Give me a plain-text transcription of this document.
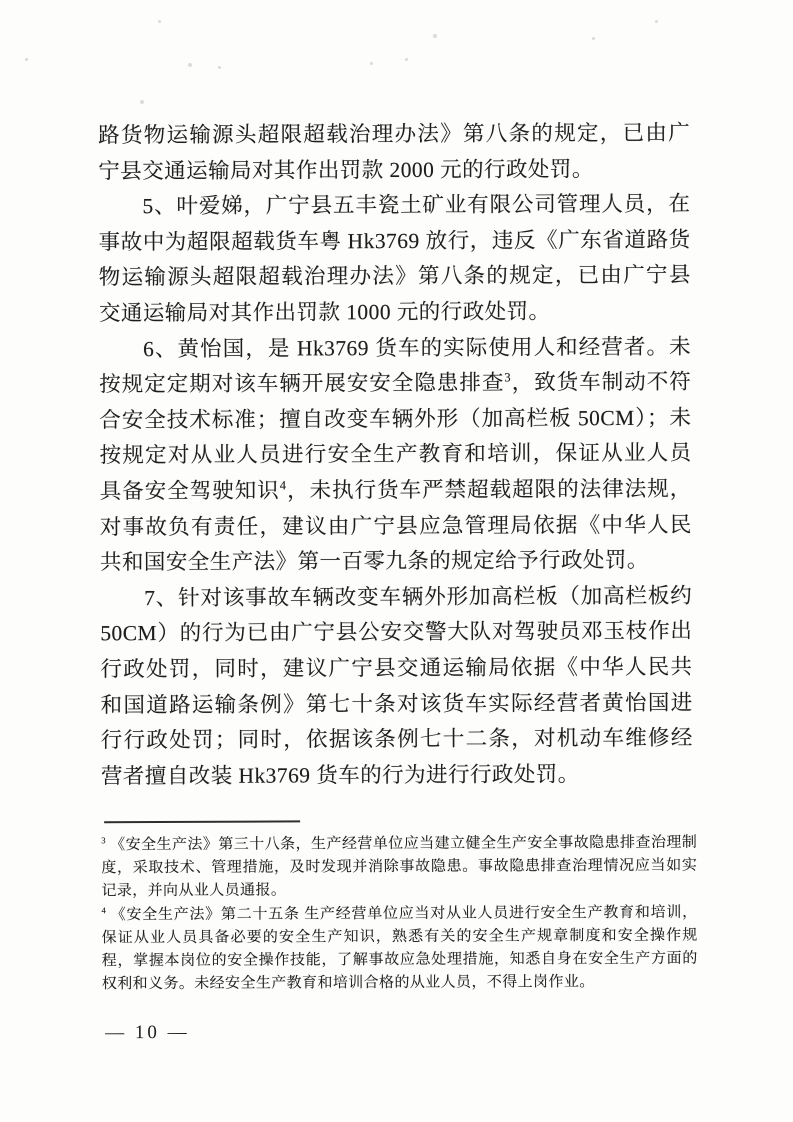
路货物运输源头超限超载治理办法》第八条的规定，已由广宁县交通运输局对其作出罚款 2000 元的行政处罚。

5、叶爱娣，广宁县五丰瓷土矿业有限公司管理人员，在事故中为超限超载货车粤 Hk3769 放行，违反《广东省道路货物运输源头超限超载治理办法》第八条的规定，已由广宁县交通运输局对其作出罚款 1000 元的行政处罚。

6、黄怡国，是 Hk3769 货车的实际使用人和经营者。未按规定定期对该车辆开展安安全隐患排查$^3$，致货车制动不符合安全技术标准；擅自改变车辆外形（加高栏板 50CM）；未按规定对从业人员进行安全生产教育和培训，保证从业人员具备安全驾驶知识$^4$，未执行货车严禁超载超限的法律法规，对事故负有责任，建议由广宁县应急管理局依据《中华人民共和国安全生产法》第一百零九条的规定给予行政处罚。

7、针对该事故车辆改变车辆外形加高栏板（加高栏板约50CM）的行为已由广宁县公安交警大队对驾驶员邓玉枝作出行政处罚，同时，建议广宁县交通运输局依据《中华人民共和国道路运输条例》第七十条对该货车实际经营者黄怡国进行行政处罚；同时，依据该条例七十二条，对机动车维修经营者擅自改装 Hk3769 货车的行为进行行政处罚。

$^3$ 《安全生产法》第三十八条，生产经营单位应当建立健全生产安全事故隐患排查治理制度，采取技术、管理措施，及时发现并消除事故隐患。事故隐患排查治理情况应当如实记录，并向从业人员通报。

$^4$ 《安全生产法》第二十五条 生产经营单位应当对从业人员进行安全生产教育和培训，保证从业人员具备必要的安全生产知识，熟悉有关的安全生产规章制度和安全操作规程，掌握本岗位的安全操作技能，了解事故应急处理措施，知悉自身在安全生产方面的权利和义务。未经安全生产教育和培训合格的从业人员，不得上岗作业。

— 10 —
